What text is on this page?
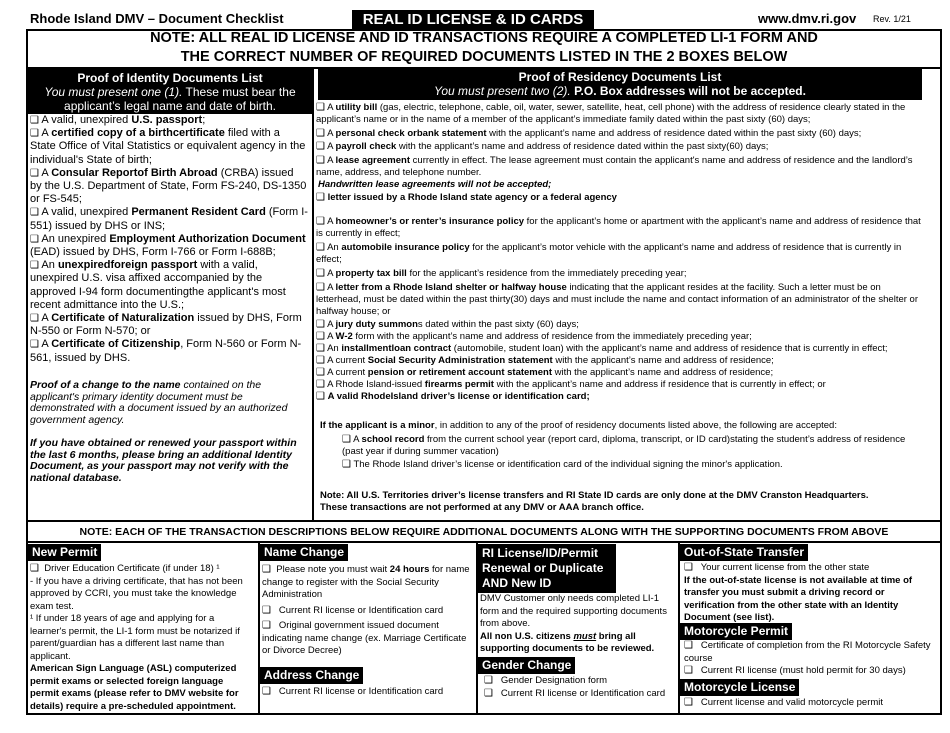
Rhode Island DMV – Document Checklist	REAL ID LICENSE & ID CARDS	www.dmv.ri.gov Rev. 1/21
NOTE: ALL REAL ID LICENSE AND ID TRANSACTIONS REQUIRE A COMPLETED LI-1 FORM AND
THE CORRECT NUMBER OF REQUIRED DOCUMENTS LISTED IN THE 2 BOXES BELOW
Proof of Identity Documents List
You must present one (1). These must bear the
applicant’s legal name and date of birth.

❑ A valid, unexpired U.S. passport;

❑ A certified copy of a birthcertificate filed with a State Office of Vital Statistics or equivalent agency in the individual's State of birth;

❑ A Consular Reportof Birth Abroad (CRBA) issued by the U.S. Department of State, Form FS-240, DS-1350 or FS-545;

❑ A valid, unexpired Permanent Resident Card (Form I-551) issued by DHS or INS;

❑ An unexpired Employment Authorization Document (EAD) issued by DHS, Form I-766 or Form I-688B;

❑ An unexpiredforeign passport with a valid, unexpired U.S. visa affixed accompanied by the approved I-94 form documentingthe applicant's most recent admittance into the U.S.;

❑ A Certificate of Naturalization issued by DHS, Form N-550 or Form N-570; or

❑ A Certificate of Citizenship, Form N-560 or Form N-561, issued by DHS.

Proof of a change to the name contained on the applicant's primary identity document must be demonstrated with a document issued by an authorized government agency.
If you have obtained or renewed your passport within the last 6 months, please bring an additional Identity Document, as your passport may not verify with the national database.
Proof of Residency Documents List
You must present two (2). P.O. Box addresses will not be accepted.

❑ A utility bill (gas, electric, telephone, cable, oil, water, sewer, satellite, heat, cell phone) with the address of residence clearly stated in the applicant’s name or in the name of a member of the applicant’s immediate family dated within the past sixty (60) days;

❑ A personal check orbank statement with the applicant’s name and address of residence dated within the past sixty (60) days;

❑ A payroll check with the applicant’s name and address of residence dated within the past sixty(60) days;

❑ A lease agreement currently in effect. The lease agreement must contain the applicant's name and address of residence and the landlord’s name, address, and telephone number.

Handwritten lease agreements will not be accepted;

❑ letter issued by a Rhode Island state agency or a federal agency

❑ A homeowner’s or renter’s insurance policy for the applicant’s home or apartment with the applicant’s name and address of residence that is currently in effect;

❑ An automobile insurance policy for the applicant’s motor vehicle with the applicant’s name and address of residence that is currently in effect;

❑ A property tax bill for the applicant’s residence from the immediately preceding year;

❑ A letter from a Rhode Island shelter or halfway house indicating that the applicant resides at the facility. Such a letter must be on letterhead, must be dated within the past thirty(30) days and must include the name and contact information of an administrator of the shelter or halfway house; or

❑ A jury duty summons dated within the past sixty (60) days;

❑ A W-2 form with the applicant’s name and address of residence from the immediately preceding year;

❑ An installmentloan contract (automobile, student loan) with the applicant’s name and address of residence that is currently in effect;

❑ A current Social Security Administration statement with the applicant’s name and address of residence;

❑ A current pension or retirement account statement with the applicant’s name and address of residence;

❑ A Rhode Island-issued firearms permit with the applicant’s name and address if residence that is currently in effect; or

❑ A valid RhodeIsland driver’s license or identification card;

If the applicant is a minor, in addition to any of the proof of residency documents listed above, the following are accepted:

❑ A school record from the current school year (report card, diploma, transcript, or ID card)stating the student’s address of residence (past year if during summer vacation)

❑ The Rhode Island driver’s license or identification card of the individual signing the minor's application.

Note: All U.S. Territories driver’s license transfers and RI State ID cards are only done at the DMV Cranston Headquarters.

These transactions are not performed at any DMV or AAA branch office.

NOTE: EACH OF THE TRANSACTION DESCRIPTIONS BELOW REQUIRE ADDITIONAL DOCUMENTS ALONG WITH THE SUPPORTING DOCUMENTS FROM ABOVE
New Permit

❑ Driver Education Certificate (if under 18) ¹

- If you have a driving certificate, that has not been approved by CCRI, you must take the knowledge exam test.

¹ If under 18 years of age and applying for a learner's permit, the LI-1 form must be notarized if parent/guardian has a different last name than applicant.

American Sign Language (ASL) computerized permit exams or selected foreign language permit exams (please refer to DMV website for details) require a pre-scheduled appointment.

Name Change

❑ Please note you must wait 24 hours for name change to register with the Social Security Administration

❑ Current RI license or Identification card

❑ Original government issued document indicating name change (ex. Marriage Certificate or Divorce Decree)

Address Change

❑ Current RI license or Identification card

RI License/ID/Permit
Renewal or Duplicate
AND New ID

DMV Customer only needs completed LI-1 form and the required supporting documents from above.

All non U.S. citizens must bring all supporting documents to be reviewed.

Gender Change

❑ Gender Designation form

❑ Current RI license or Identification card

Out-of-State Transfer

❑ Your current license from the other state

If the out-of-state license is not available at time of transfer you must submit a driving record or verification from the other state with an Identity Document (see list).

Motorcycle Permit

❑ Certificate of completion from the RI Motorcycle Safety course

❑ Current RI license (must hold permit for 30 days)

Motorcycle License

❑ Current license and valid motorcycle permit
